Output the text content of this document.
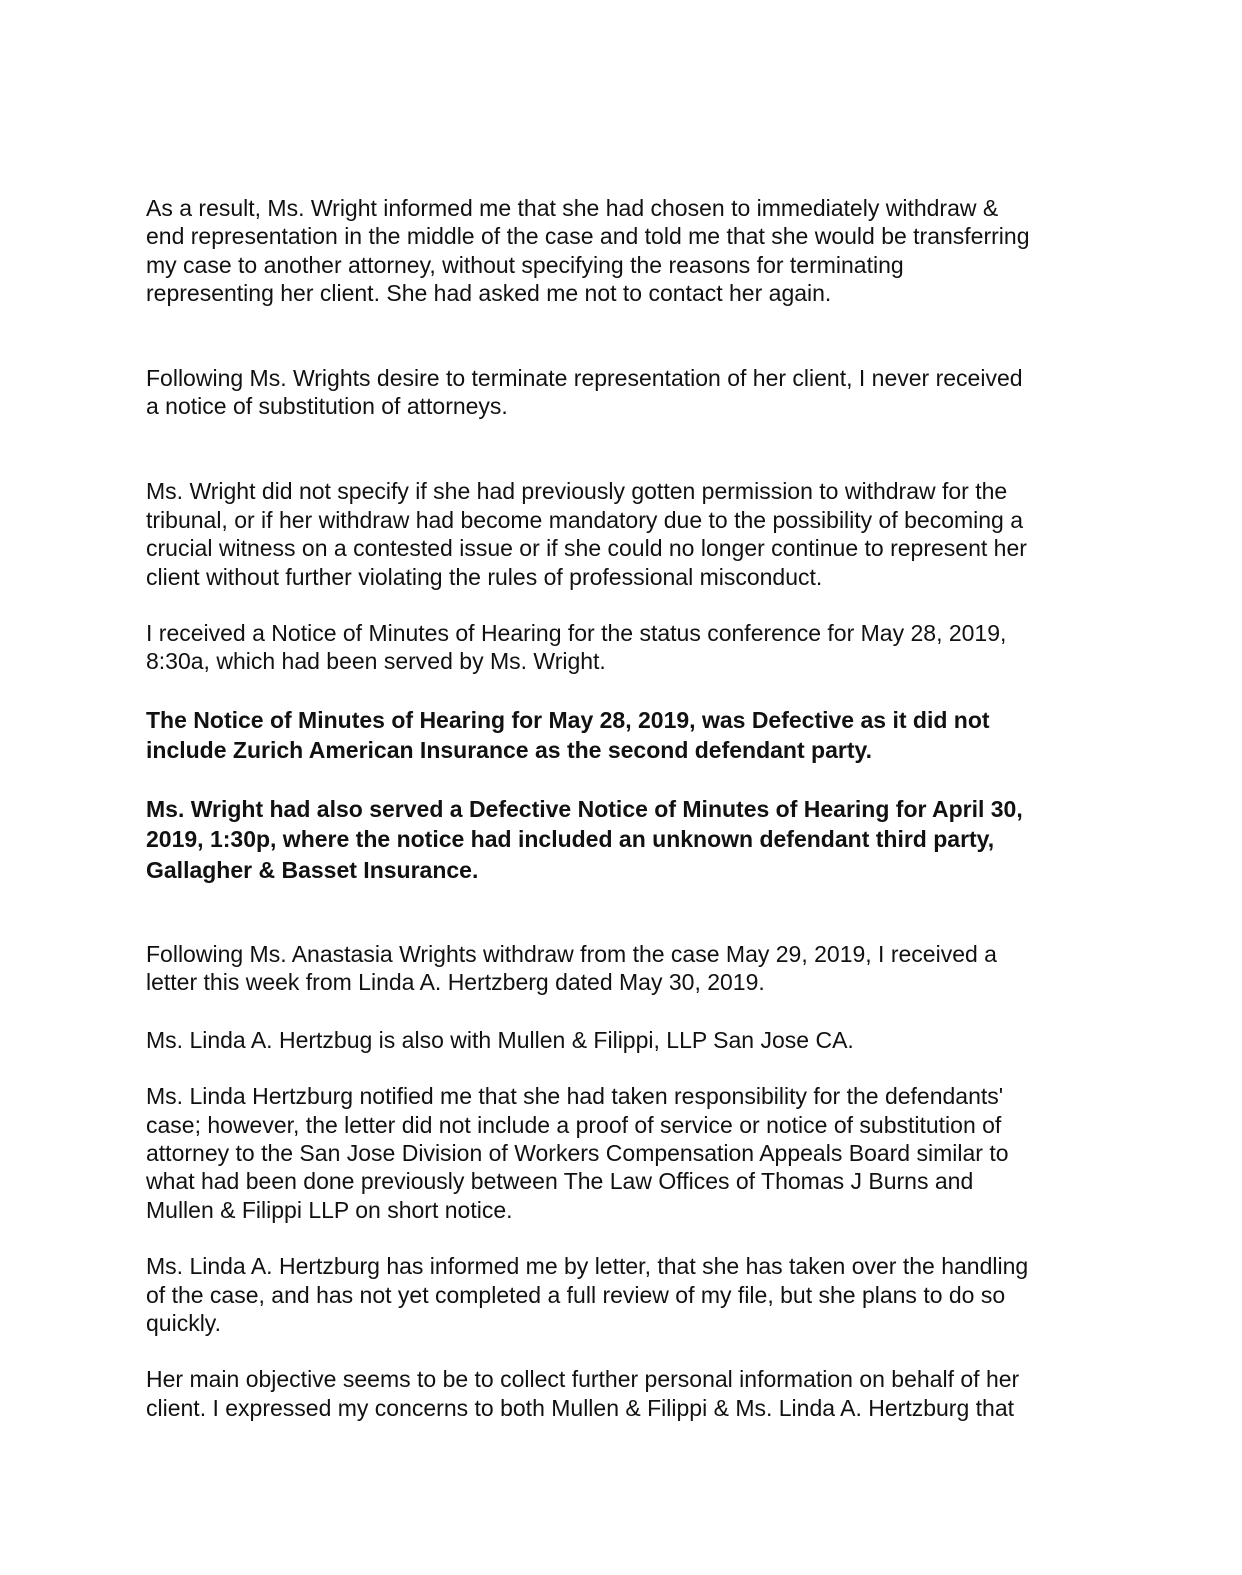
As a result, Ms. Wright informed me that she had chosen to immediately withdraw &
end representation in the middle of the case and told me that she would be transferring
my case to another attorney, without specifying the reasons for terminating
representing her client. She had asked me not to contact her again.

Following Ms. Wrights desire to terminate representation of her client, I never received
a notice of substitution of attorneys.

Ms. Wright did not specify if she had previously gotten permission to withdraw for the
tribunal, or if her withdraw had become mandatory due to the possibility of becoming a
crucial witness on a contested issue or if she could no longer continue to represent her
client without further violating the rules of professional misconduct.

I received a Notice of Minutes of Hearing for the status conference for May 28, 2019,
8:30a, which had been served by Ms. Wright.

The Notice of Minutes of Hearing for May 28, 2019, was Defective as it did not
include Zurich American Insurance as the second defendant party.

Ms. Wright had also served a Defective Notice of Minutes of Hearing for April 30,
2019, 1:30p, where the notice had included an unknown defendant third party,
Gallagher & Basset Insurance.

Following Ms. Anastasia Wrights withdraw from the case May 29, 2019, I received a
letter this week from Linda A. Hertzberg dated May 30, 2019.

Ms. Linda A. Hertzbug is also with Mullen & Filippi, LLP San Jose CA.

Ms. Linda Hertzburg notified me that she had taken responsibility for the defendants'
case; however, the letter did not include a proof of service or notice of substitution of
attorney to the San Jose Division of Workers Compensation Appeals Board similar to
what had been done previously between The Law Offices of Thomas J Burns and
Mullen & Filippi LLP on short notice.

Ms. Linda A. Hertzburg has informed me by letter, that she has taken over the handling
of the case, and has not yet completed a full review of my file, but she plans to do so
quickly.

Her main objective seems to be to collect further personal information on behalf of her
client. I expressed my concerns to both Mullen & Filippi & Ms. Linda A. Hertzburg that
